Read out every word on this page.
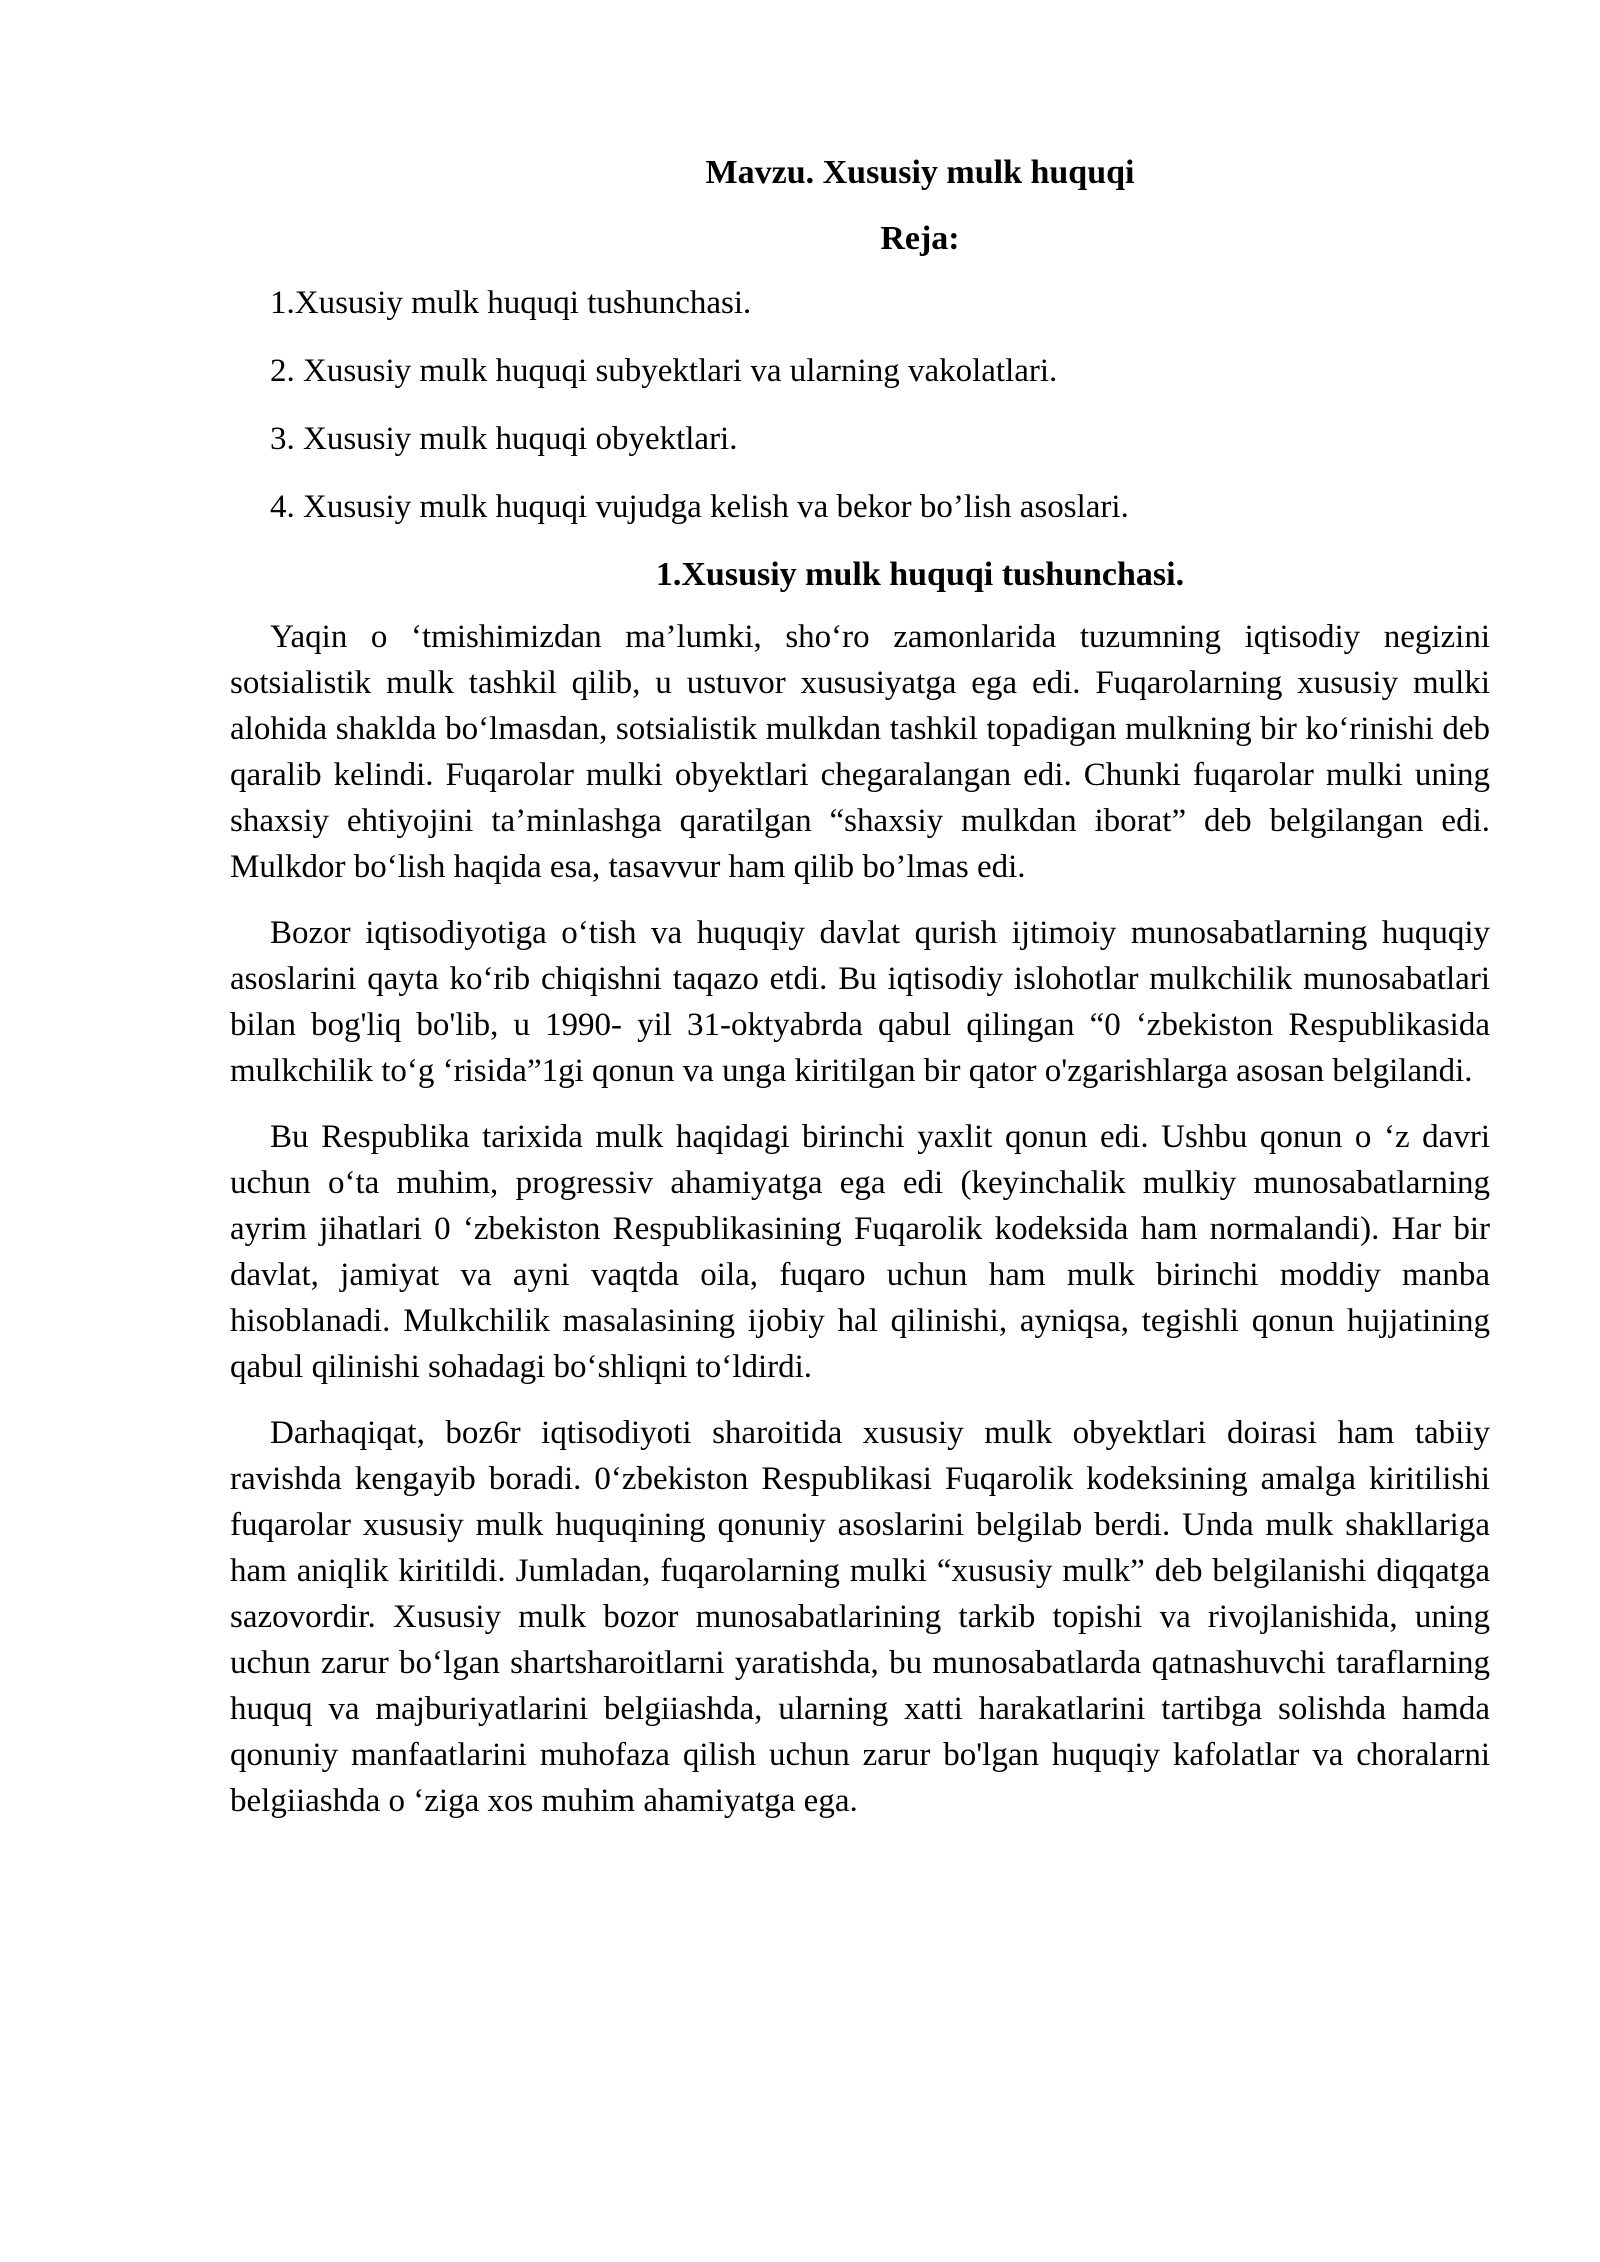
Mavzu. Xususiy mulk huquqi

Reja:

1.Xususiy mulk huquqi tushunchasi.
2. Xususiy mulk huquqi subyektlari va ularning vakolatlari.
3. Xususiy mulk huquqi obyektlari.
4. Xususiy mulk huquqi vujudga kelish va bekor bo’lish asoslari.

1.Xususiy mulk huquqi tushunchasi.

Yaqin o ‘tmishimizdan ma’lumki, sho‘ro zamonlarida tuzumning iqtisodiy negizini sotsialistik mulk tashkil qilib, u ustuvor xususiyatga ega edi. Fuqarolarning xususiy mulki alohida shakldа bo‘lmasdan, sotsialistik mulkdan tashkil topadigan mulkning bir ko‘rinishi deb qaralib kelindi. Fuqarolar mulki obyektlari chegaralangan edi. Chunki fuqarolar mulki uning shaxsiy ehtiyojini ta’minlashga qaratilgan “shaxsiy mulkdan iborat” deb belgilangan edi. Mulkdor bo‘lish haqida esa, tasavvur ham qilib bo’lmas edi.

Bozor iqtisodiyotiga o‘tish va huquqiy davlat qurish ijtimoiy munosabatlarning huquqiy asoslarini qayta ko‘rib chiqishni taqazo etdi. Bu iqtisodiy islohotlar mulkchilik munosabatlari bilan bog'liq bo'lib, u 1990- yil 31-oktyabrda qabul qilingan “0 ‘zbekiston Respublikasida mulkchilik to‘g ‘risida”1gi qonun va unga kiritilgan bir qator o'zgarishlarga asosan belgilandi.

Bu Respublika tarixida mulk haqidagi birinchi yaxlit qonun edi. Ushbu qonun o ‘z davri uchun o‘ta muhim, progressiv ahamiyatga ega edi (keyinchalik mulkiy munosabatlarning ayrim jihatlari 0 ‘zbekiston Respublikasining Fuqarolik kodeksida ham normalandi). Har bir davlat, jamiyat va ayni vaqtda oila, fuqaro uchun ham mulk birinchi moddiy manba hisoblanadi. Mulkchilik masalasining ijobiy hal qilinishi, ayniqsa, tegishli qonun hujjatining qabul qilinishi sohadagi bo‘shliqni to‘ldirdi.

Darhaqiqat, boz6r iqtisodiyoti sharoitida xususiy mulk obyektlari doirasi ham tabiiy ravishda kengayib boradi. 0‘zbekiston Respublikasi Fuqarolik kodeksining amalga kiritilishi fuqarolar xususiy mulk huquqining qonuniy asoslarini belgilab berdi. Unda mulk shakllariga ham aniqlik kiritildi. Jumladan, fuqarolarning mulki “xususiy mulk” deb belgilanishi diqqatga sazovordir. Xususiy mulk bozor munosabatlarining tarkib topishi va rivojlanishida, uning uchun zarur bo‘lgan shartsharoitlarni yaratishda, bu munosabatlarda qatnashuvchi taraflarning huquq va majburiyatlarini belgiiashda, ularning xatti harakatlarini tartibga solishda hamda qonuniy manfaatlarini muhofaza qilish uchun zarur bo'lgan huquqiy kafolatlar va choralarni belgiiashda o ‘ziga xos muhim ahamiyatga ega.
